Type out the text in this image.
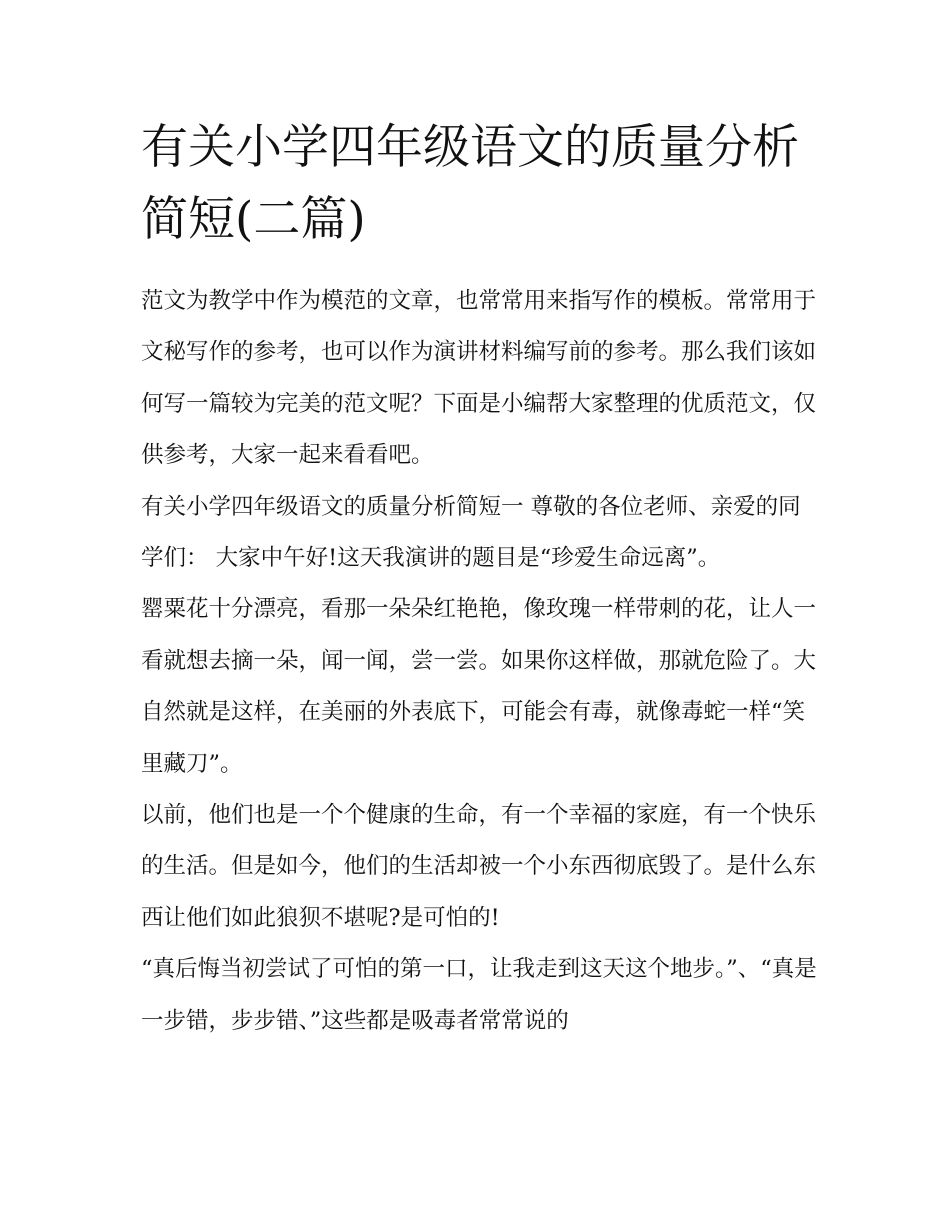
有关小学四年级语文的质量分析简短(二篇)

范文为教学中作为模范的文章，也常常用来指写作的模板。常常用于文秘写作的参考，也可以作为演讲材料编写前的参考。那么我们该如何写一篇较为完美的范文呢？下面是小编帮大家整理的优质范文，仅供参考，大家一起来看看吧。

有关小学四年级语文的质量分析简短一 尊敬的各位老师、亲爱的同学们： 大家中午好!这天我演讲的题目是“珍爱生命远离”。

罂粟花十分漂亮，看那一朵朵红艳艳，像玫瑰一样带刺的花，让人一看就想去摘一朵，闻一闻，尝一尝。如果你这样做，那就危险了。大自然就是这样，在美丽的外表底下，可能会有毒，就像毒蛇一样“笑里藏刀”。

以前，他们也是一个个健康的生命，有一个幸福的家庭，有一个快乐的生活。但是如今，他们的生活却被一个小东西彻底毁了。是什么东西让他们如此狼狈不堪呢?是可怕的!

“真后悔当初尝试了可怕的第一口，让我走到这天这个地步。”、“真是一步错，步步错、”这些都是吸毒者常常说的
